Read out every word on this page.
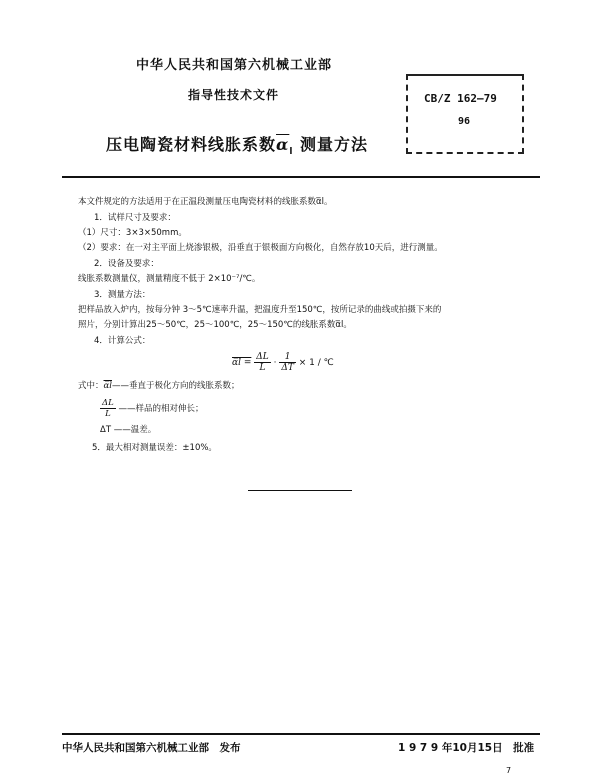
中华人民共和国第六机械工业部
指导性技术文件
压电陶瓷材料线胀系数$\overline{\alpha}_l$ 测量方法
CB/Z 162—79
96
本文件规定的方法适用于在正温段测量压电陶瓷材料的线胀系数α̅l。
1．试样尺寸及要求：
（1）尺寸：3×3×50mm。
（2）要求：在一对主平面上烧渗银极，沿垂直于银极面方向极化，自然存放10天后，进行测量。
2．设备及要求：
线胀系数测量仪，测量精度不低于 2×10⁻⁷/℃。
3．测量方法：
把样品放入炉内，按每分钟 3～5℃速率升温，把温度升至150℃，按所记录的曲线或拍摄下来的
照片，分别计算出25～50℃，25～100℃，25～150℃的线胀系数α̅l。
4．计算公式：
α̅l = $\frac{\Delta L}{L} \cdot \frac{1}{\Delta T} \times 1$ / ℃
式中：α̅l——垂直于极化方向的线胀系数；
$\frac{\Delta L}{L}$ ——样品的相对伸长；
ΔT ——温差。
5．最大相对测量误差：±10%。
中华人民共和国第六机械工业部　发布	1 9 7 9 年10月15日　批准
7
